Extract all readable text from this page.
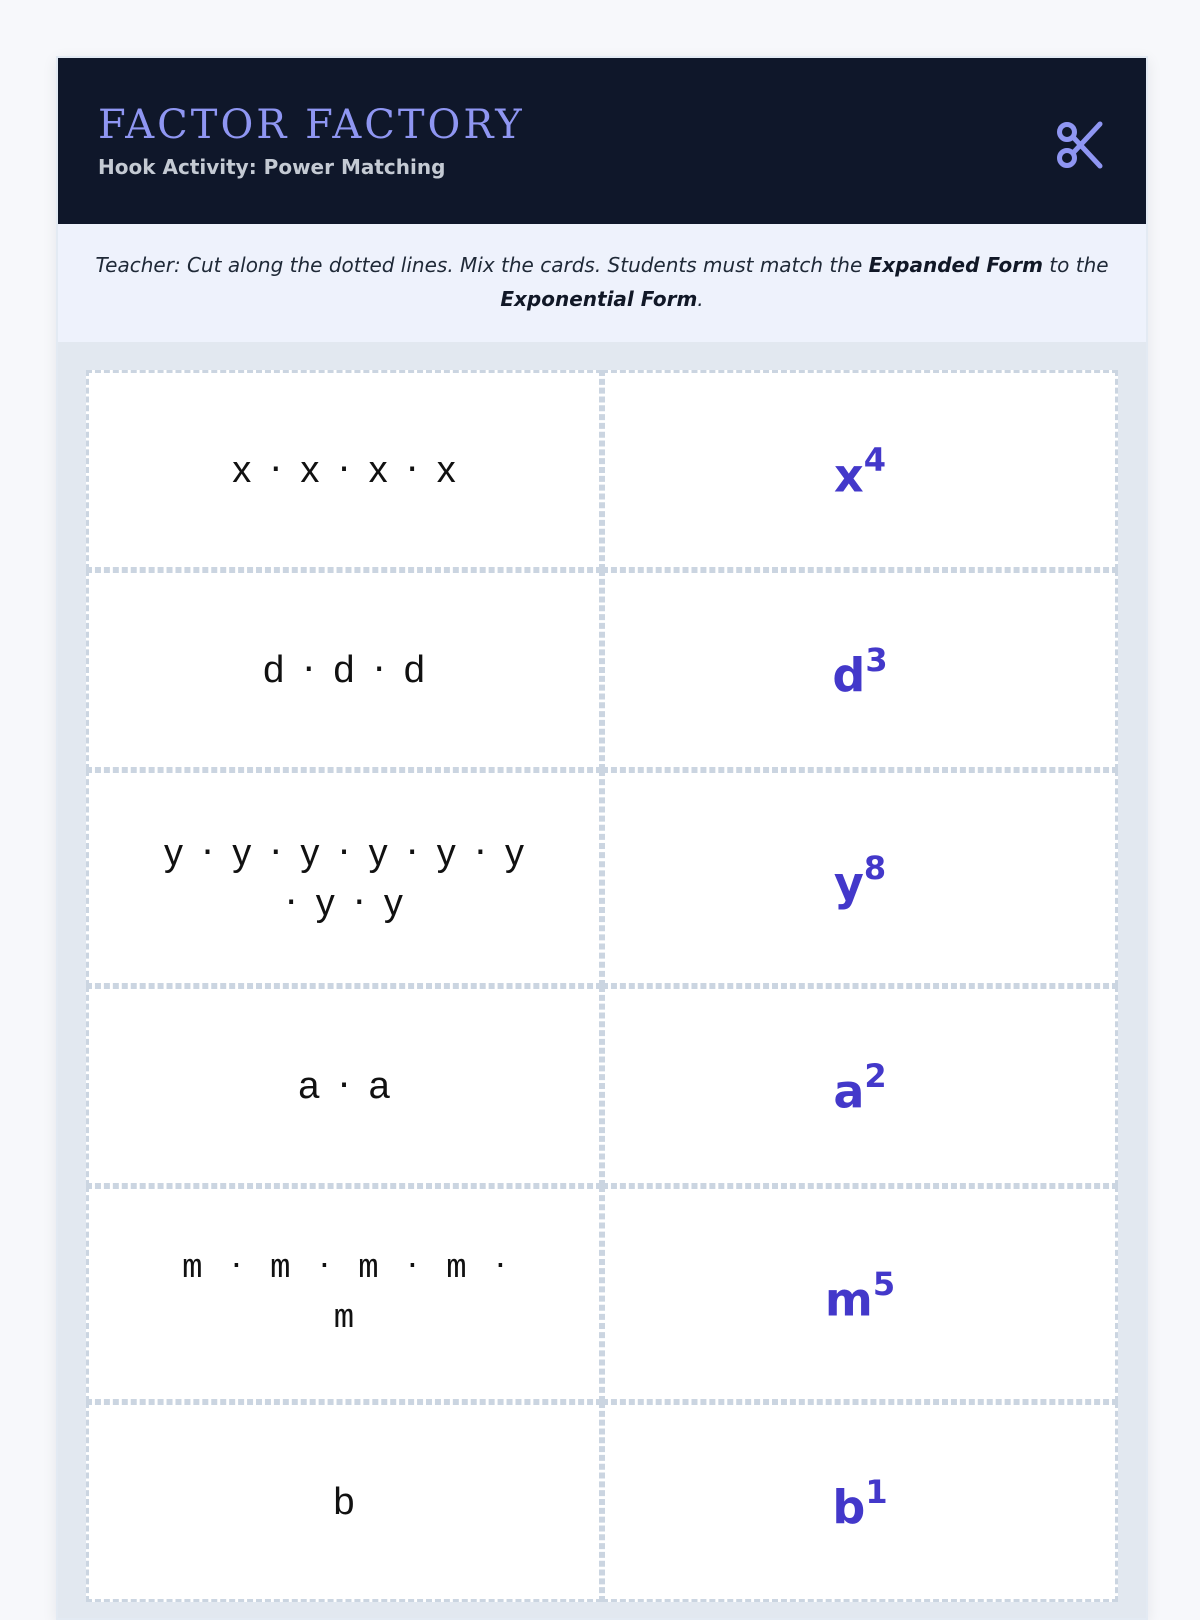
FACTOR FACTORY
Hook Activity: Power Matching
Teacher: Cut along the dotted lines. Mix the cards. Students must match the Expanded Form to the Exponential Form.
x ⋅ x ⋅ x ⋅ x	$x^4$
d ⋅ d ⋅ d	$d^3$
y ⋅ y ⋅ y ⋅ y ⋅ y ⋅ y ⋅ y ⋅ y	$y^8$
a ⋅ a	$a^2$
m ⋅ m ⋅ m ⋅ m ⋅ m	$m^5$
b	$b^1$
